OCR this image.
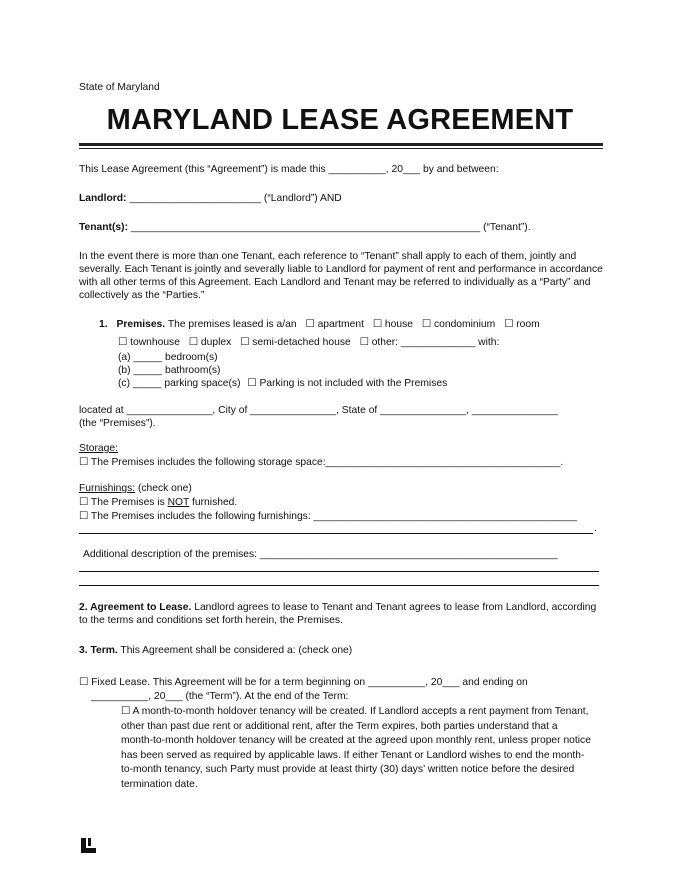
State of Maryland
MARYLAND LEASE AGREEMENT
This Lease Agreement (this “Agreement”) is made this __________, 20___ by and between:
Landlord: _______________________ (“Landlord”) AND
Tenant(s): _____________________________________________________________ (“Tenant”).
In the event there is more than one Tenant, each reference to “Tenant” shall apply to each of them, jointly and severally. Each Tenant is jointly and severally liable to Landlord for payment of rent and performance in accordance with all other terms of this Agreement. Each Landlord and Tenant may be referred to individually as a “Party” and collectively as the “Parties.”
1. Premises. The premises leased is a/an ☐ apartment ☐ house ☐ condominium ☐ room
☐ townhouse ☐ duplex ☐ semi-detached house ☐ other: _____________ with:
(a) _____ bedroom(s)
(b) _____ bathroom(s)
(c) _____ parking space(s) ☐ Parking is not included with the Premises
located at _______________, City of _______________, State of _______________, _______________
(the “Premises”).
Storage:
☐ The Premises includes the following storage space:_________________________________________.
Furnishings: (check one)
☐ The Premises is NOT furnished.
☐ The Premises includes the following furnishings: ______________________________________________
.
Additional description of the premises: ____________________________________________________
2. Agreement to Lease. Landlord agrees to lease to Tenant and Tenant agrees to lease from Landlord, according to the terms and conditions set forth herein, the Premises.
3. Term. This Agreement shall be considered a: (check one)
☐ Fixed Lease. This Agreement will be for a term beginning on __________, 20___ and ending on
__________, 20___ (the “Term”). At the end of the Term:
☐ A month-to-month holdover tenancy will be created. If Landlord accepts a rent payment from Tenant, other than past due rent or additional rent, after the Term expires, both parties understand that a month-to-month holdover tenancy will be created at the agreed upon monthly rent, unless proper notice has been served as required by applicable laws. If either Tenant or Landlord wishes to end the month-to-month tenancy, such Party must provide at least thirty (30) days’ written notice before the desired termination date.
